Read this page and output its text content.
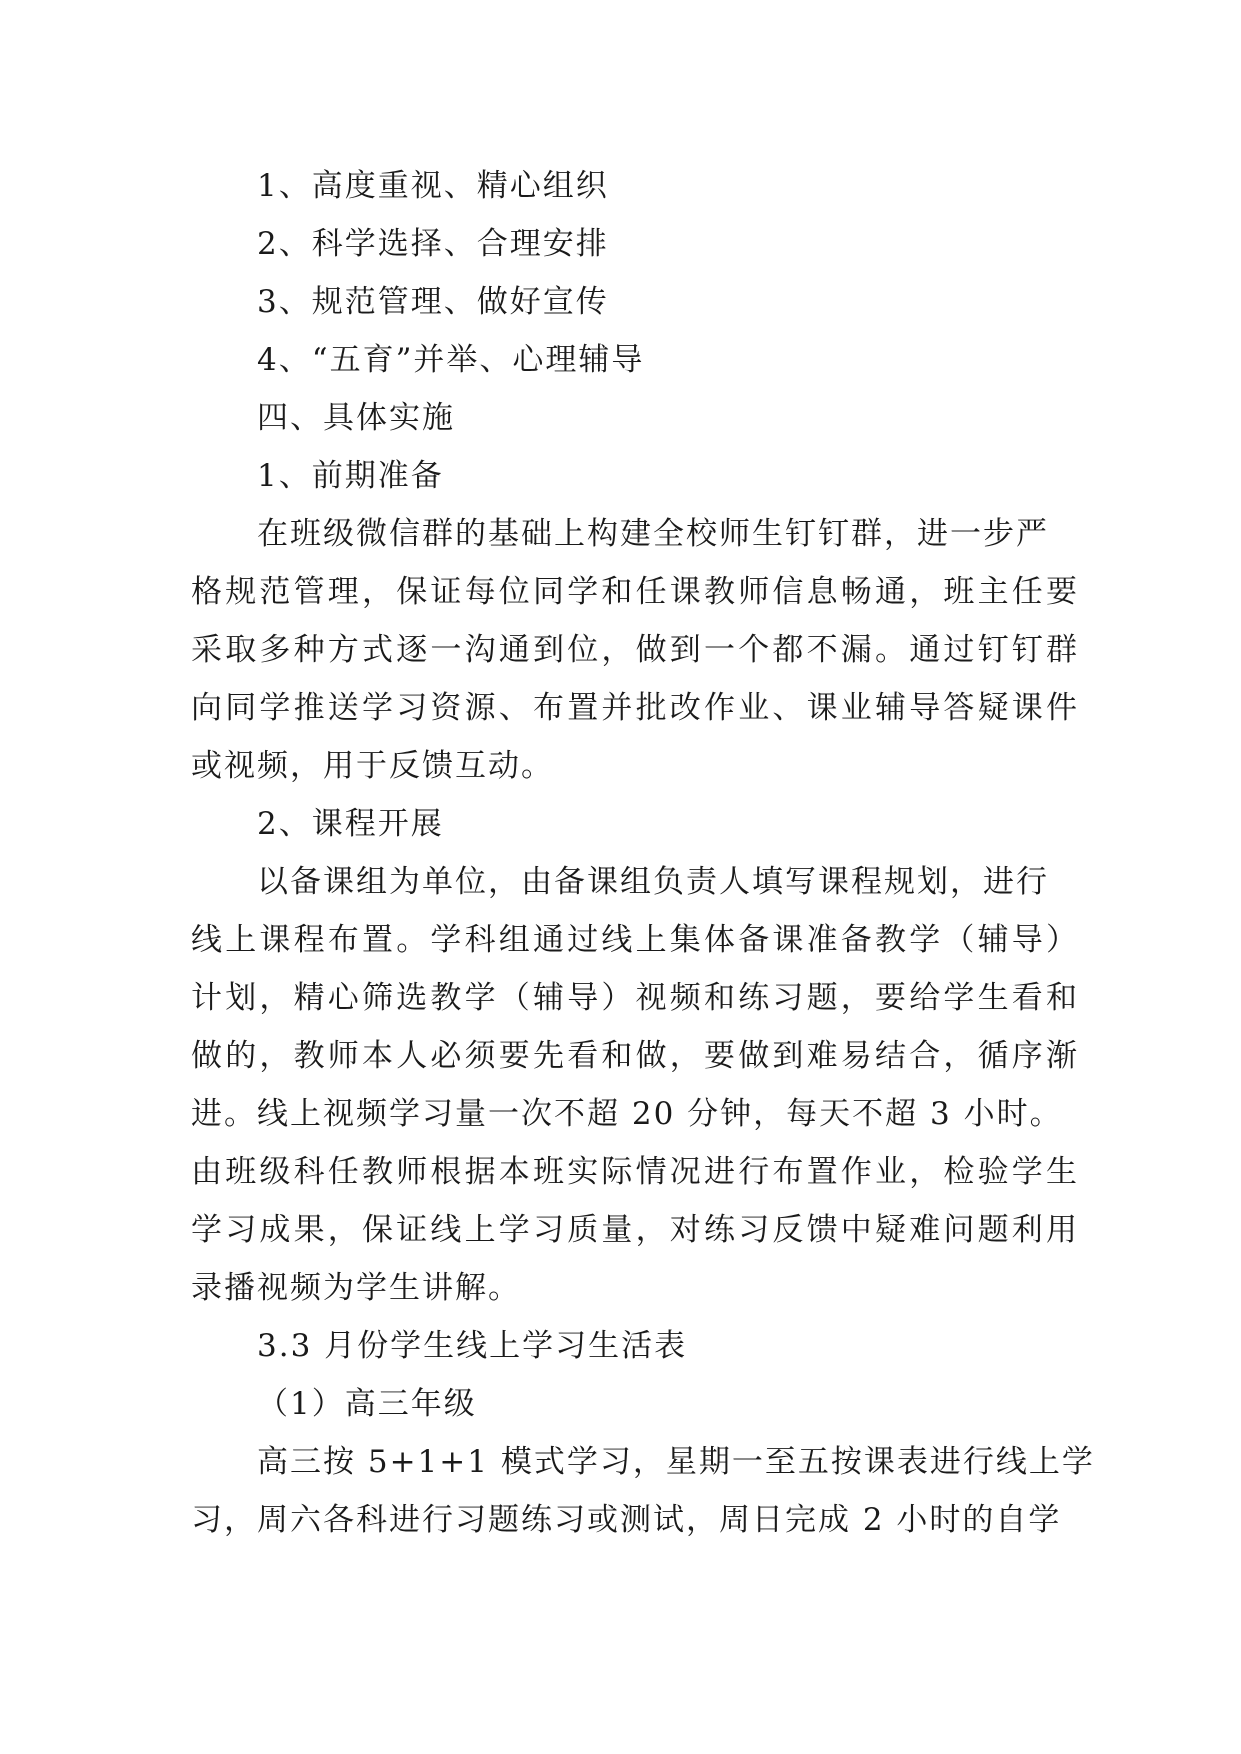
1、高度重视、精心组织
2、科学选择、合理安排
3、规范管理、做好宣传
4、“五育”并举、心理辅导
四、具体实施
1、前期准备
在班级微信群的基础上构建全校师生钉钉群，进一步严
格规范管理，保证每位同学和任课教师信息畅通，班主任要
采取多种方式逐一沟通到位，做到一个都不漏。通过钉钉群
向同学推送学习资源、布置并批改作业、课业辅导答疑课件
或视频，用于反馈互动。
2、课程开展
以备课组为单位，由备课组负责人填写课程规划，进行
线上课程布置。学科组通过线上集体备课准备教学（辅导）
计划，精心筛选教学（辅导）视频和练习题，要给学生看和
做的，教师本人必须要先看和做，要做到难易结合，循序渐
进。线上视频学习量一次不超 20 分钟，每天不超 3 小时。
由班级科任教师根据本班实际情况进行布置作业，检验学生
学习成果，保证线上学习质量，对练习反馈中疑难问题利用
录播视频为学生讲解。
3.3 月份学生线上学习生活表
（1）高三年级
高三按 5+1+1 模式学习，星期一至五按课表进行线上学
习，周六各科进行习题练习或测试，周日完成 2 小时的自学
